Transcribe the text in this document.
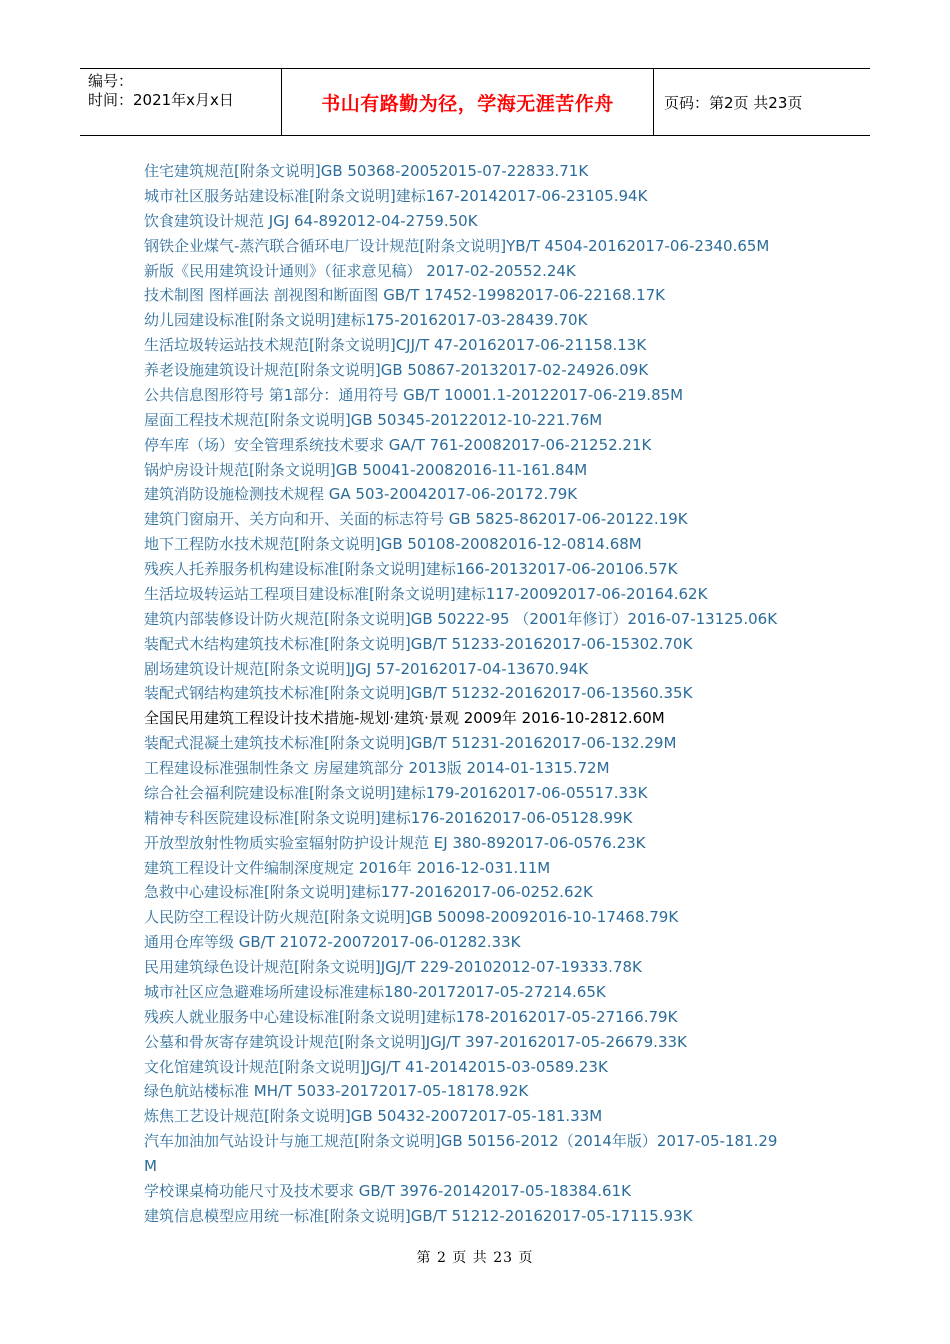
编号：
时间：2021年x月x日	书山有路勤为径，学海无涯苦作舟	页码：第2页 共23页
住宅建筑规范[附条文说明]GB 50368-20052015-07-22833.71K
城市社区服务站建设标准[附条文说明]建标167-20142017-06-23105.94K
饮食建筑设计规范 JGJ 64-892012-04-2759.50K
钢铁企业煤气-蒸汽联合循环电厂设计规范[附条文说明]YB/T 4504-20162017-06-2340.65M
新版《民用建筑设计通则》（征求意见稿） 2017-02-20552.24K
技术制图 图样画法 剖视图和断面图 GB/T 17452-19982017-06-22168.17K
幼儿园建设标准[附条文说明]建标175-20162017-03-28439.70K
生活垃圾转运站技术规范[附条文说明]CJJ/T 47-20162017-06-21158.13K
养老设施建筑设计规范[附条文说明]GB 50867-20132017-02-24926.09K
公共信息图形符号 第1部分：通用符号 GB/T 10001.1-20122017-06-219.85M
屋面工程技术规范[附条文说明]GB 50345-20122012-10-221.76M
停车库（场）安全管理系统技术要求 GA/T 761-20082017-06-21252.21K
锅炉房设计规范[附条文说明]GB 50041-20082016-11-161.84M
建筑消防设施检测技术规程 GA 503-20042017-06-20172.79K
建筑门窗扇开、关方向和开、关面的标志符号 GB 5825-862017-06-20122.19K
地下工程防水技术规范[附条文说明]GB 50108-20082016-12-0814.68M
残疾人托养服务机构建设标准[附条文说明]建标166-20132017-06-20106.57K
生活垃圾转运站工程项目建设标准[附条文说明]建标117-20092017-06-20164.62K
建筑内部装修设计防火规范[附条文说明]GB 50222-95 （2001年修订）2016-07-13125.06K
装配式木结构建筑技术标准[附条文说明]GB/T 51233-20162017-06-15302.70K
剧场建筑设计规范[附条文说明]JGJ 57-20162017-04-13670.94K
装配式钢结构建筑技术标准[附条文说明]GB/T 51232-20162017-06-13560.35K
全国民用建筑工程设计技术措施-规划·建筑·景观 2009年 2016-10-2812.60M
装配式混凝土建筑技术标准[附条文说明]GB/T 51231-20162017-06-132.29M
工程建设标准强制性条文 房屋建筑部分 2013版 2014-01-1315.72M
综合社会福利院建设标准[附条文说明]建标179-20162017-06-05517.33K
精神专科医院建设标准[附条文说明]建标176-20162017-06-05128.99K
开放型放射性物质实验室辐射防护设计规范 EJ 380-892017-06-0576.23K
建筑工程设计文件编制深度规定 2016年 2016-12-031.11M
急救中心建设标准[附条文说明]建标177-20162017-06-0252.62K
人民防空工程设计防火规范[附条文说明]GB 50098-20092016-10-17468.79K
通用仓库等级 GB/T 21072-20072017-06-01282.33K
民用建筑绿色设计规范[附条文说明]JGJ/T 229-20102012-07-19333.78K
城市社区应急避难场所建设标准建标180-20172017-05-27214.65K
残疾人就业服务中心建设标准[附条文说明]建标178-20162017-05-27166.79K
公墓和骨灰寄存建筑设计规范[附条文说明]JGJ/T 397-20162017-05-26679.33K
文化馆建筑设计规范[附条文说明]JGJ/T 41-20142015-03-0589.23K
绿色航站楼标准 MH/T 5033-20172017-05-18178.92K
炼焦工艺设计规范[附条文说明]GB 50432-20072017-05-181.33M
汽车加油加气站设计与施工规范[附条文说明]GB 50156-2012（2014年版）2017-05-181.29M
学校课桌椅功能尺寸及技术要求 GB/T 3976-20142017-05-18384.61K
建筑信息模型应用统一标准[附条文说明]GB/T 51212-20162017-05-17115.93K
第 2 页 共 23 页
